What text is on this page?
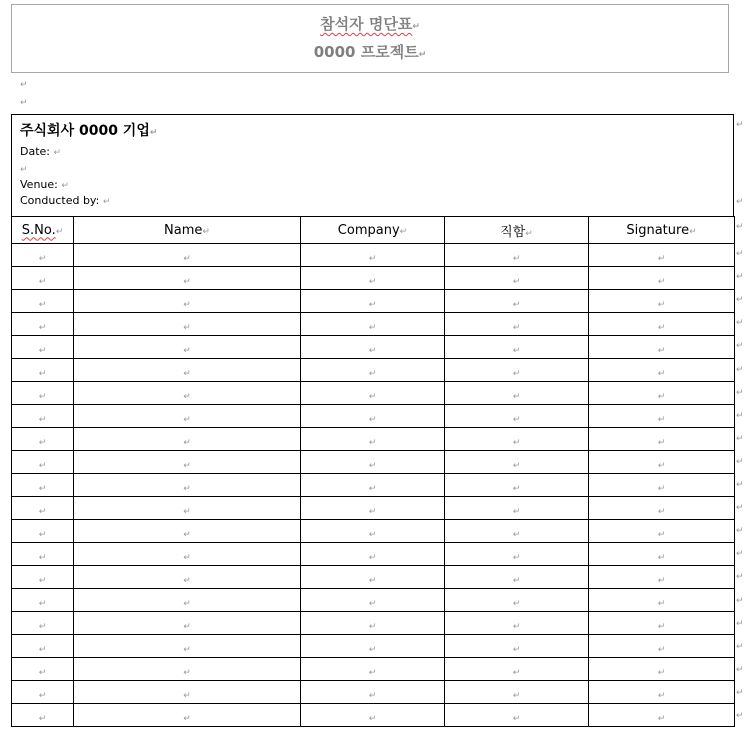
참석자 명단표↵
0000 프로젝트↵
↵
↵
주식회사 0000 기업↵
Date: ↵
↵
Venue: ↵
Conducted by: ↵
↵
↵
S.No.↵	Name↵	Company↵	직함↵	Signature↵
↵	↵	↵	↵	↵
↵	↵	↵	↵	↵
↵	↵	↵	↵	↵
↵	↵	↵	↵	↵
↵	↵	↵	↵	↵
↵	↵	↵	↵	↵
↵	↵	↵	↵	↵
↵	↵	↵	↵	↵
↵	↵	↵	↵	↵
↵	↵	↵	↵	↵
↵	↵	↵	↵	↵
↵	↵	↵	↵	↵
↵	↵	↵	↵	↵
↵	↵	↵	↵	↵
↵	↵	↵	↵	↵
↵	↵	↵	↵	↵
↵	↵	↵	↵	↵
↵	↵	↵	↵	↵
↵	↵	↵	↵	↵
↵	↵	↵	↵	↵
↵	↵	↵	↵	↵
↵
↵
↵
↵
↵
↵
↵
↵
↵
↵
↵
↵
↵
↵
↵
↵
↵
↵
↵
↵
↵
↵
